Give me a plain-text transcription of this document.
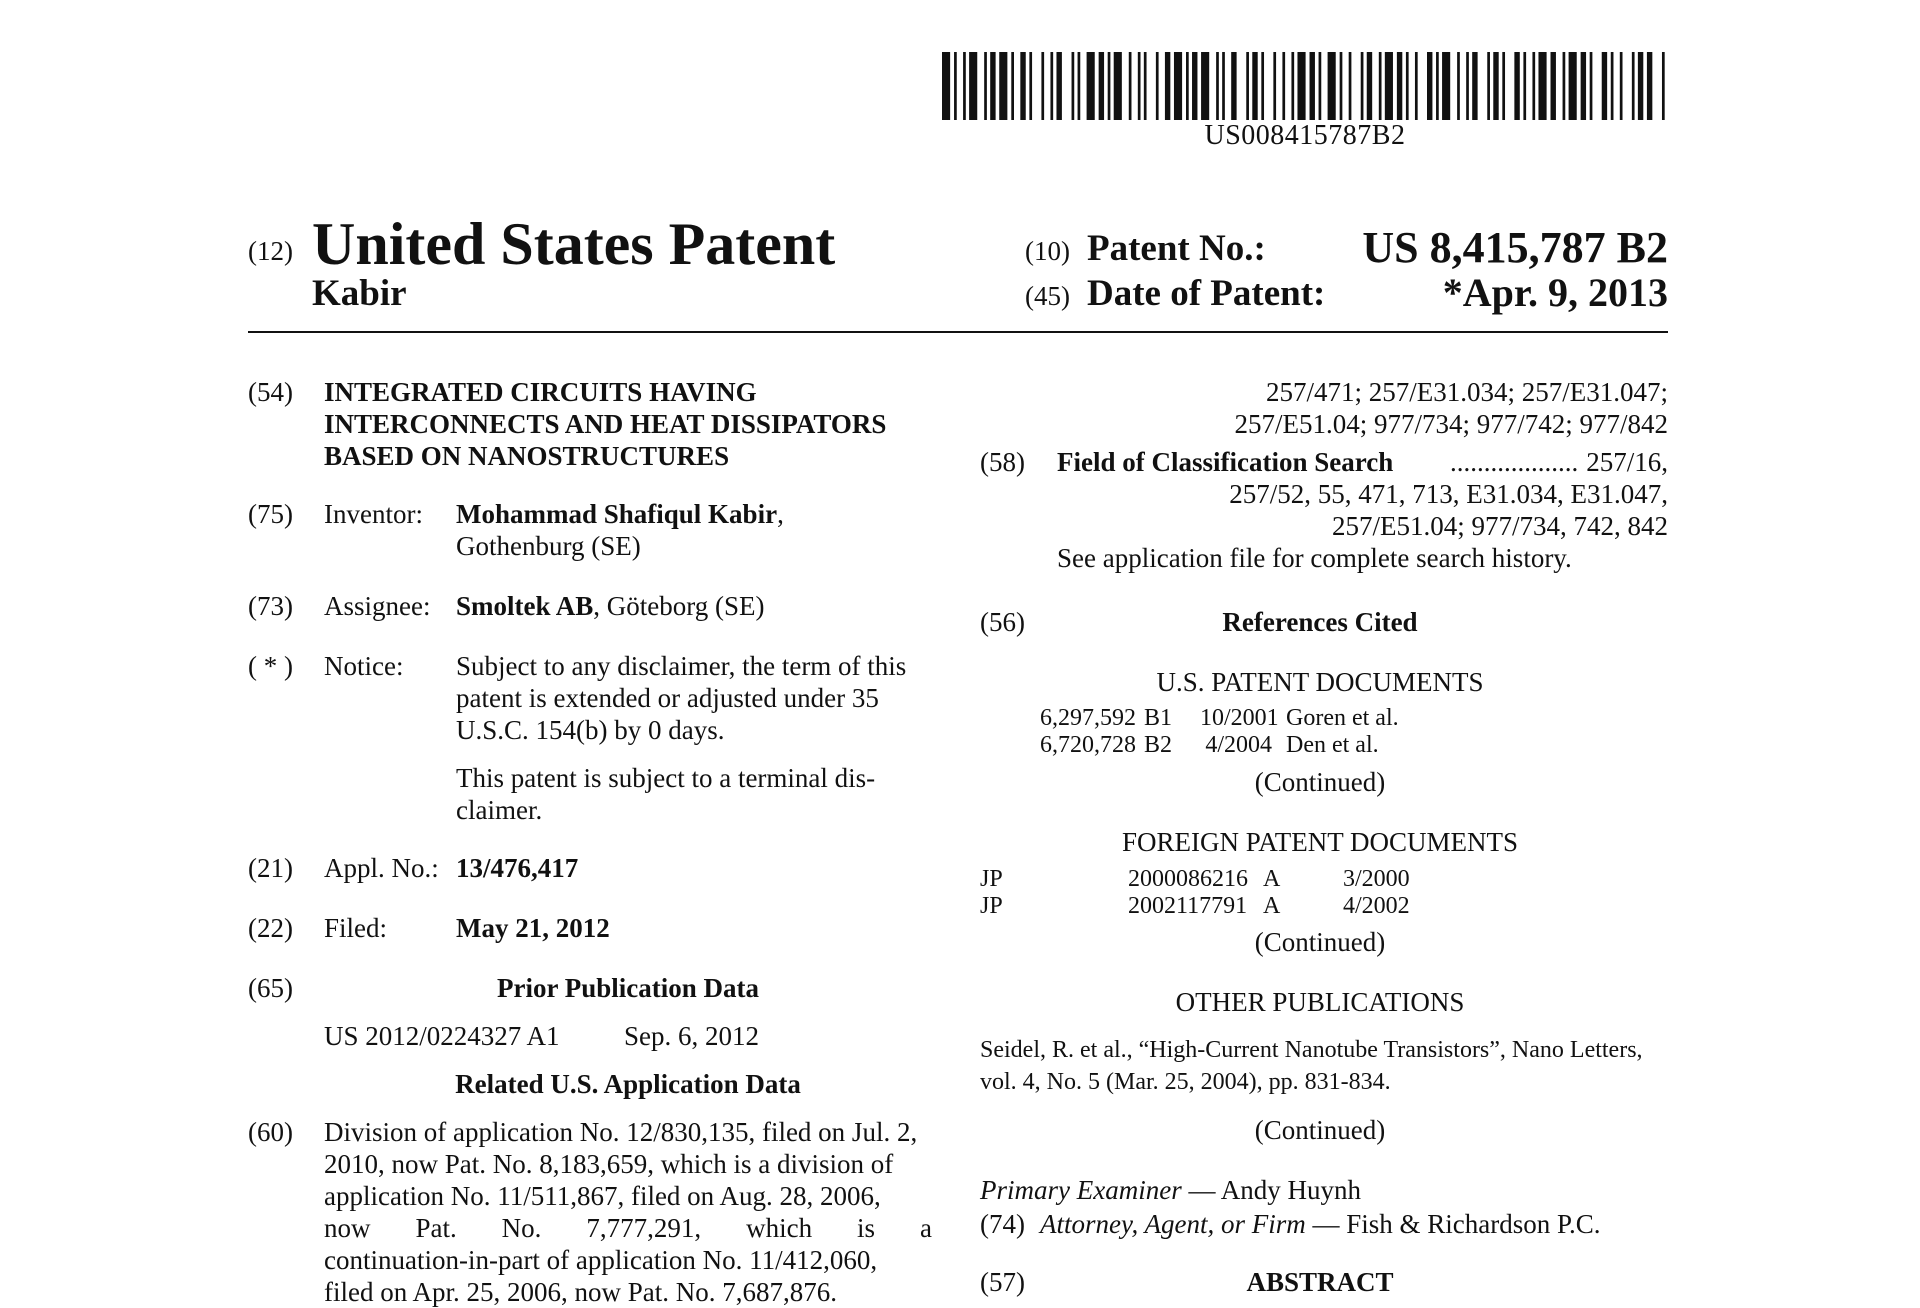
US008415787B2
(12) United States Patent
Kabir
(10) Patent No.:	US 8,415,787 B2
(45) Date of Patent:	*Apr. 9, 2013
(54) INTEGRATED CIRCUITS HAVING
INTERCONNECTS AND HEAT DISSIPATORS
BASED ON NANOSTRUCTURES
(75) Inventor: Mohammad Shafiqul Kabir,
Gothenburg (SE)
(73) Assignee: Smoltek AB, Göteborg (SE)
( * ) Notice: Subject to any disclaimer, the term of this
patent is extended or adjusted under 35
U.S.C. 154(b) by 0 days.
This patent is subject to a terminal dis-
claimer.
(21) Appl. No.: 13/476,417
(22) Filed:	May 21, 2012
(65)	Prior Publication Data
US 2012/0224327 A1 Sep. 6, 2012
Related U.S. Application Data
(60) Division of application No. 12/830,135, filed on Jul. 2,
2010, now Pat. No. 8,183,659, which is a division of
application No. 11/511,867, filed on Aug. 28, 2006,
now Pat. No. 7,777,291, which is a
continuation-in-part of application No. 11/412,060,
filed on Apr. 25, 2006, now Pat. No. 7,687,876.
257/471; 257/E31.034; 257/E31.047;
257/E51.04; 977/734; 977/742; 977/842
(58) Field of Classification Search	................... 257/16,
257/52, 55, 471, 713, E31.034, E31.047,
257/E51.04; 977/734, 742, 842
See application file for complete search history.
(56)	References Cited
U.S. PATENT DOCUMENTS
6,297,592 B1 10/2001 Goren et al.
6,720,728 B2 4/2004 Den et al.
(Continued)
FOREIGN PATENT DOCUMENTS
JP	2000086216 A	3/2000
JP	2002117791 A	4/2002
(Continued)
OTHER PUBLICATIONS
Seidel, R. et al., “High-Current Nanotube Transistors”, Nano Letters,
vol. 4, No. 5 (Mar. 25, 2004), pp. 831-834.
(Continued)
Primary Examiner — Andy Huynh
(74) Attorney, Agent, or Firm — Fish & Richardson P.C.
(57)	ABSTRACT
